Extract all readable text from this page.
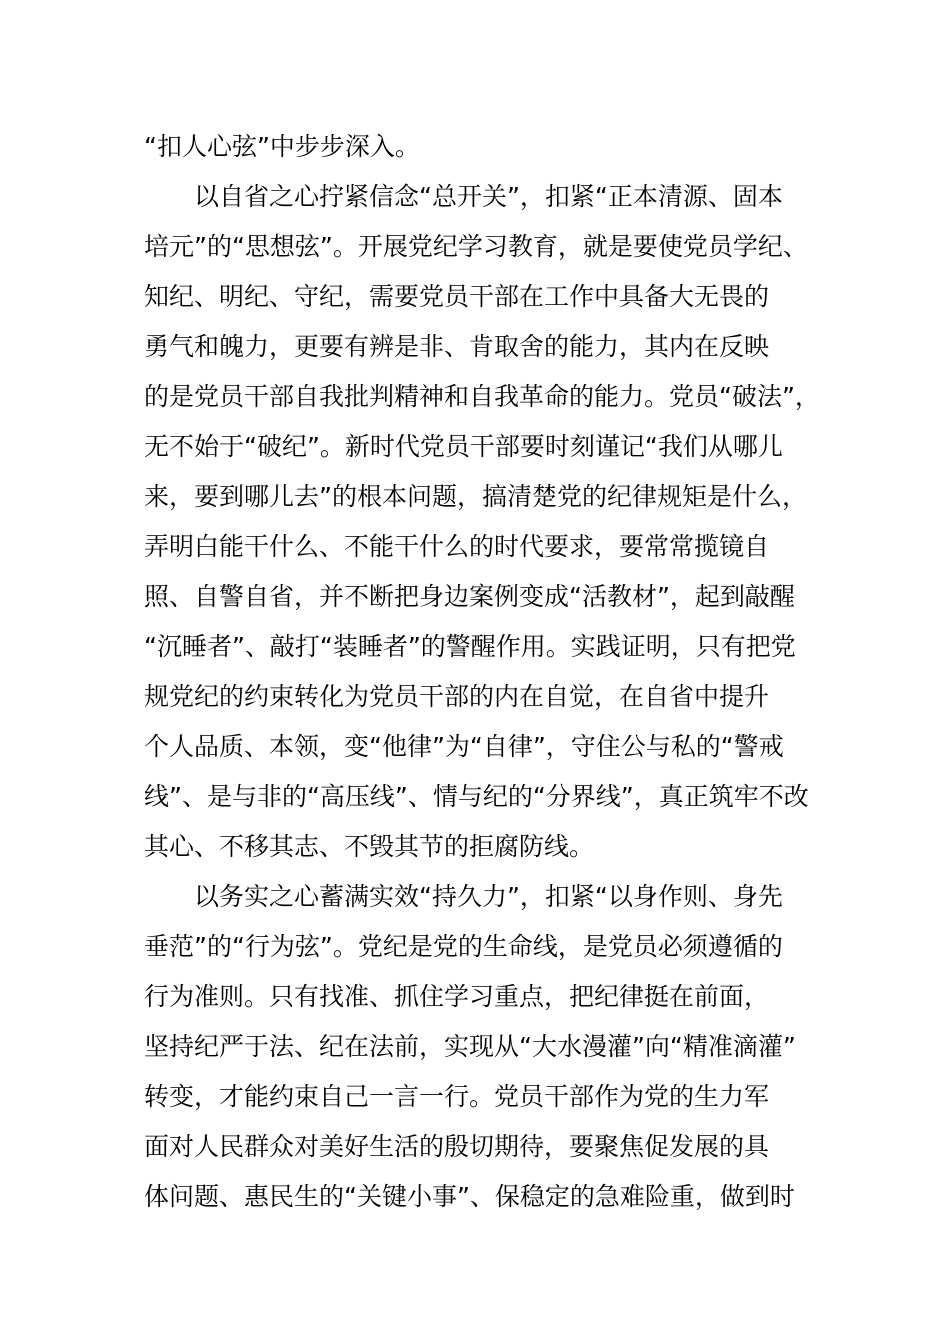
“扣人心弦”中步步深入。
以自省之心拧紧信念“总开关”，扣紧“正本清源、固本
培元”的“思想弦”。开展党纪学习教育，就是要使党员学纪、
知纪、明纪、守纪，需要党员干部在工作中具备大无畏的
勇气和魄力，更要有辨是非、肯取舍的能力，其内在反映
的是党员干部自我批判精神和自我革命的能力。党员“破法”，
无不始于“破纪”。新时代党员干部要时刻谨记“我们从哪儿
来，要到哪儿去”的根本问题，搞清楚党的纪律规矩是什么，
弄明白能干什么、不能干什么的时代要求，要常常揽镜自
照、自警自省，并不断把身边案例变成“活教材”，起到敲醒
“沉睡者”、敲打“装睡者”的警醒作用。实践证明，只有把党
规党纪的约束转化为党员干部的内在自觉，在自省中提升
个人品质、本领，变“他律”为“自律”，守住公与私的“警戒
线”、是与非的“高压线”、情与纪的“分界线”，真正筑牢不改
其心、不移其志、不毁其节的拒腐防线。
以务实之心蓄满实效“持久力”，扣紧“以身作则、身先
垂范”的“行为弦”。党纪是党的生命线，是党员必须遵循的
行为准则。只有找准、抓住学习重点，把纪律挺在前面，
坚持纪严于法、纪在法前，实现从“大水漫灌”向“精准滴灌”
转变，才能约束自己一言一行。党员干部作为党的生力军
面对人民群众对美好生活的殷切期待，要聚焦促发展的具
体问题、惠民生的“关键小事”、保稳定的急难险重，做到时
